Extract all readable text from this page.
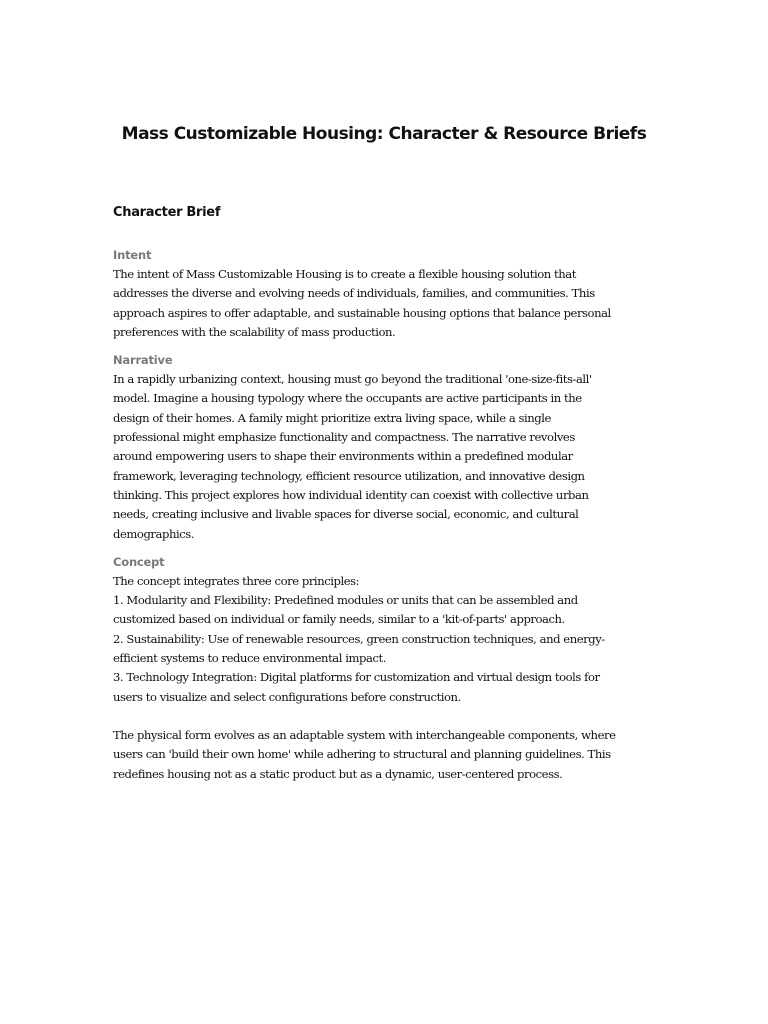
Mass Customizable Housing: Character & Resource Briefs
Character Brief
Intent

The intent of Mass Customizable Housing is to create a flexible housing solution that
addresses the diverse and evolving needs of individuals, families, and communities. This
approach aspires to offer adaptable, and sustainable housing options that balance personal
preferences with the scalability of mass production.

Narrative

In a rapidly urbanizing context, housing must go beyond the traditional 'one-size-fits-all'
model. Imagine a housing typology where the occupants are active participants in the
design of their homes. A family might prioritize extra living space, while a single
professional might emphasize functionality and compactness. The narrative revolves
around empowering users to shape their environments within a predefined modular
framework, leveraging technology, efficient resource utilization, and innovative design
thinking. This project explores how individual identity can coexist with collective urban
needs, creating inclusive and livable spaces for diverse social, economic, and cultural
demographics.

Concept

The concept integrates three core principles:
1. Modularity and Flexibility: Predefined modules or units that can be assembled and
customized based on individual or family needs, similar to a 'kit-of-parts' approach.
2. Sustainability: Use of renewable resources, green construction techniques, and energy-
efficient systems to reduce environmental impact.
3. Technology Integration: Digital platforms for customization and virtual design tools for
users to visualize and select configurations before construction.

The physical form evolves as an adaptable system with interchangeable components, where
users can 'build their own home' while adhering to structural and planning guidelines. This
redefines housing not as a static product but as a dynamic, user-centered process.
